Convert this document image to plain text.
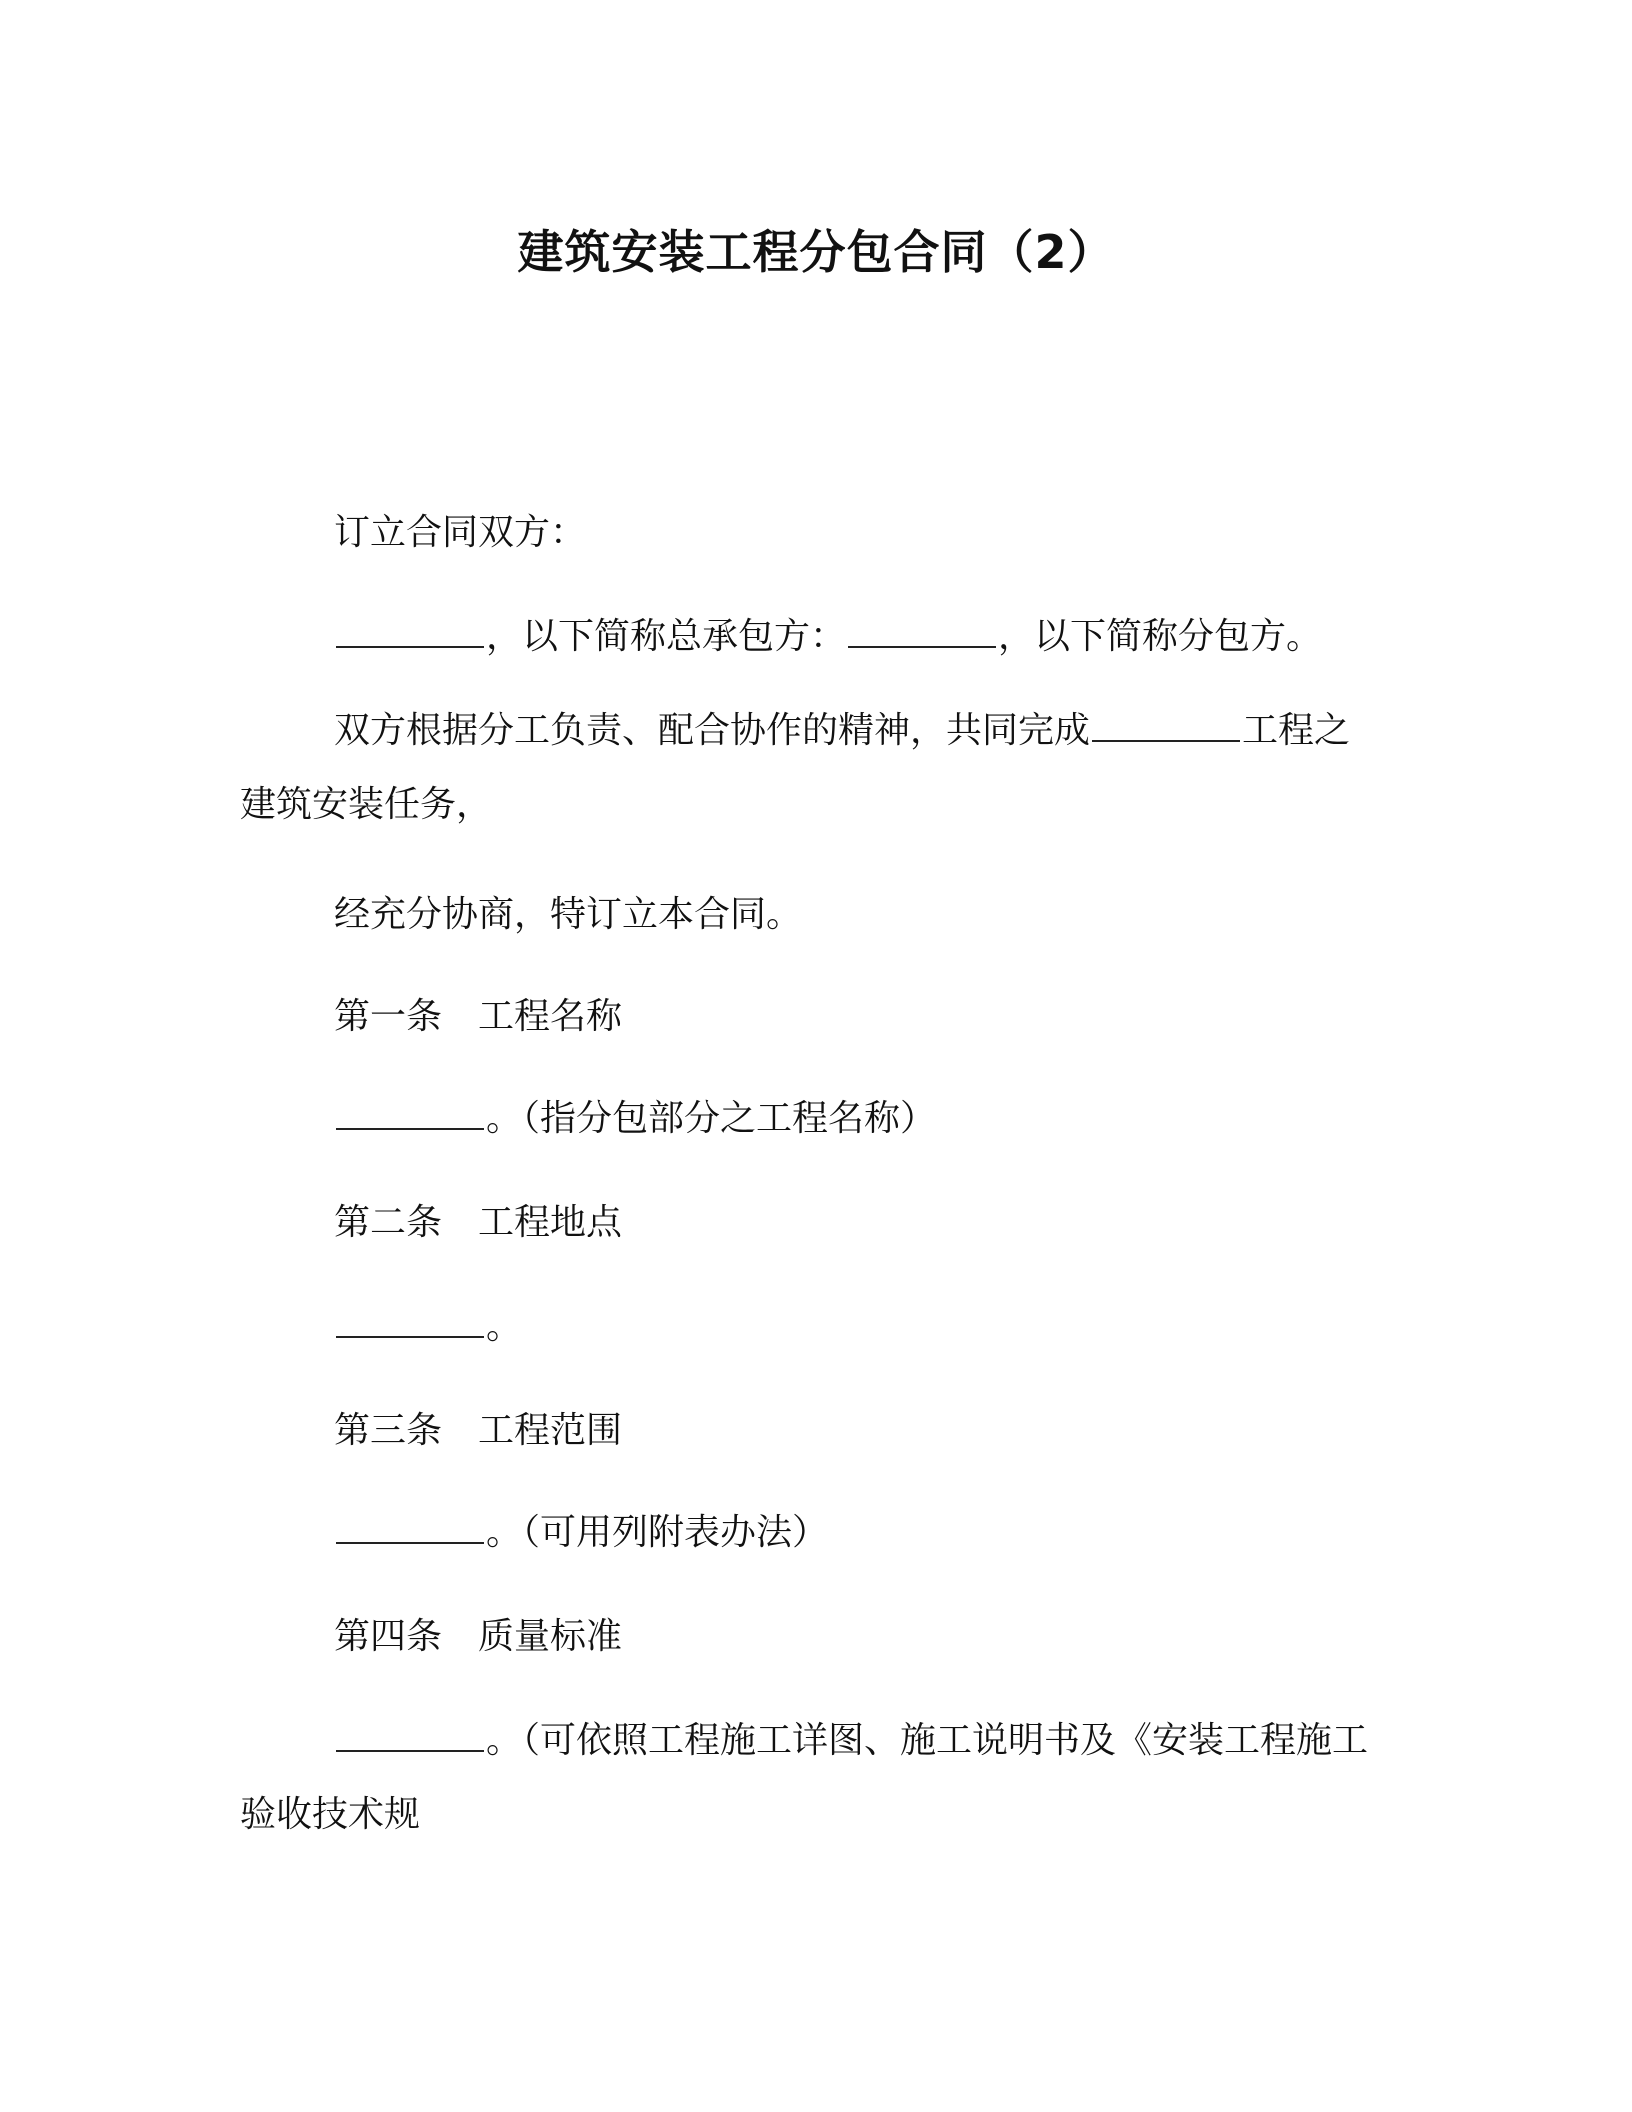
建筑安装工程分包合同（2）
订立合同双方：
，以下简称总承包方：	，以下简称分包方。
双方根据分工负责、配合协作的精神，共同完成	工程之建筑安装任务，
经充分协商，特订立本合同。
第一条 工程名称
。（指分包部分之工程名称）
第二条 工程地点
。
第三条 工程范围
。（可用列附表办法）
第四条 质量标准
。（可依照工程施工详图、施工说明书及《安装工程施工验收技术规
